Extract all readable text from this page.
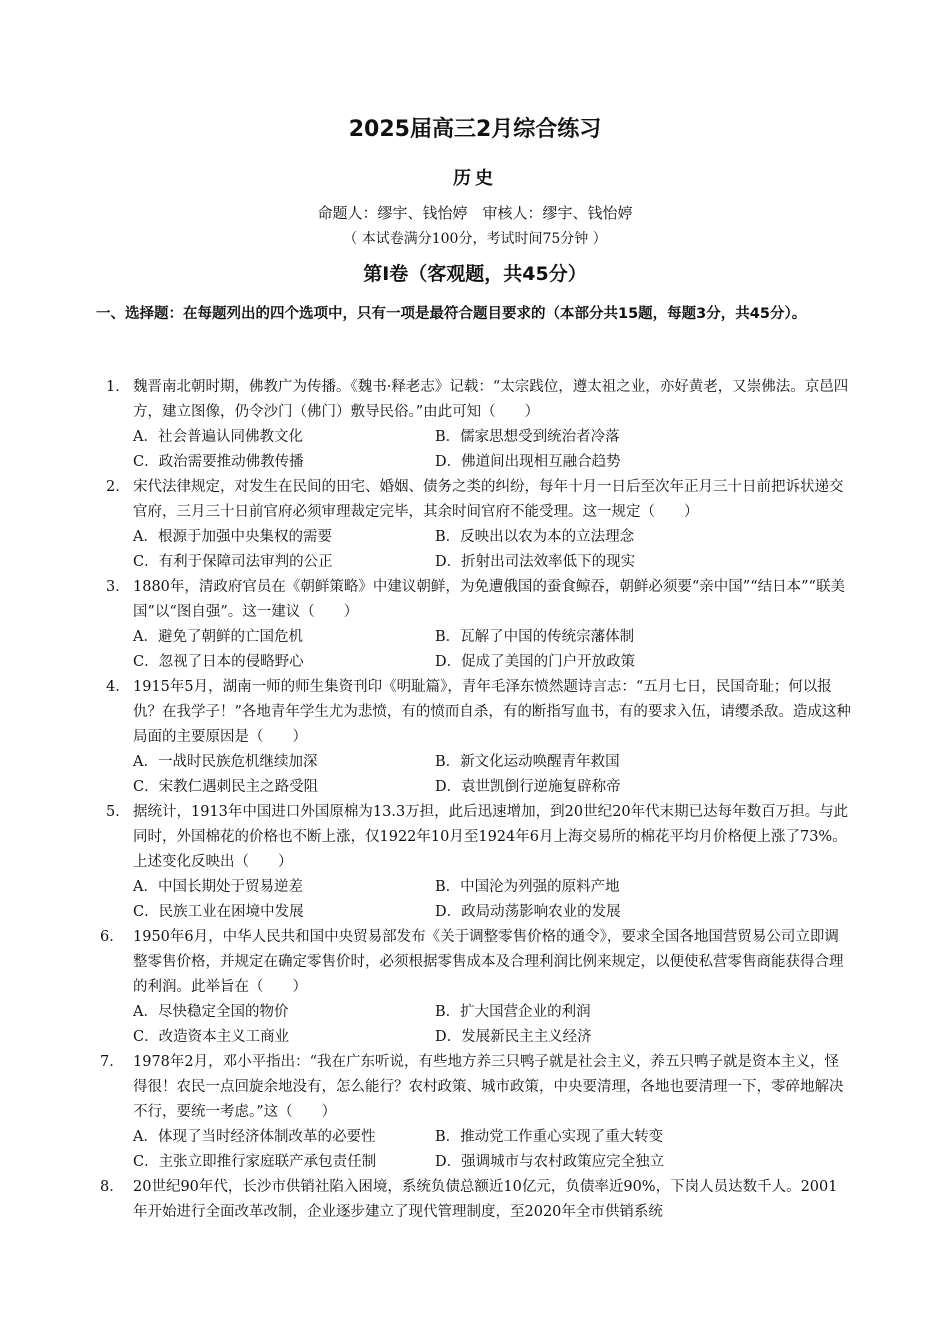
2025届高三2月综合练习
历史
命题人：缪宇、钱怡婷　审核人：缪宇、钱怡婷
（ 本试卷满分100分，考试时间75分钟 ）
第Ⅰ卷（客观题，共45分）
一、选择题：在每题列出的四个选项中，只有一项是最符合题目要求的（本部分共15题，每题3分，共45分）。
1． 魏晋南北朝时期，佛教广为传播。《魏书·释老志》记载：“太宗践位，遵太祖之业，亦好黄老，又崇佛法。京邑四方，建立图像，仍令沙门（佛门）敷导民俗。”由此可知（　　）
A．社会普遍认同佛教文化	B．儒家思想受到统治者冷落
C．政治需要推动佛教传播	D．佛道间出现相互融合趋势
2． 宋代法律规定，对发生在民间的田宅、婚姻、债务之类的纠纷，每年十月一日后至次年正月三十日前把诉状递交官府，三月三十日前官府必须审理裁定完毕，其余时间官府不能受理。这一规定（　　）
A．根源于加强中央集权的需要	B．反映出以农为本的立法理念
C．有利于保障司法审判的公正	D．折射出司法效率低下的现实
3． 1880年，清政府官员在《朝鲜策略》中建议朝鲜，为免遭俄国的蚕食鲸吞，朝鲜必须要“亲中国”“结日本”“联美国”以“图自强”。这一建议（　　）
A．避免了朝鲜的亡国危机	B．瓦解了中国的传统宗藩体制
C．忽视了日本的侵略野心	D．促成了美国的门户开放政策
4． 1915年5月，湖南一师的师生集资刊印《明耻篇》，青年毛泽东愤然题诗言志：“五月七日，民国奇耻；何以报仇？在我学子！”各地青年学生尤为悲愤，有的愤而自杀，有的断指写血书，有的要求入伍，请缨杀敌。造成这种局面的主要原因是（　　）
A．一战时民族危机继续加深	B．新文化运动唤醒青年救国
C．宋教仁遇刺民主之路受阻	D．袁世凯倒行逆施复辟称帝
5． 据统计，1913年中国进口外国原棉为13.3万担，此后迅速增加，到20世纪20年代末期已达每年数百万担。与此同时，外国棉花的价格也不断上涨，仅1922年10月至1924年6月上海交易所的棉花平均月价格便上涨了73%。上述变化反映出（　　）
A．中国长期处于贸易逆差	B．中国沦为列强的原料产地
C．民族工业在困境中发展	D．政局动荡影响农业的发展
6． 1950年6月，中华人民共和国中央贸易部发布《关于调整零售价格的通令》，要求全国各地国营贸易公司立即调整零售价格，并规定在确定零售价时，必须根据零售成本及合理利润比例来规定，以便使私营零售商能获得合理的利润。此举旨在（　　）
A．尽快稳定全国的物价	B．扩大国营企业的利润
C．改造资本主义工商业	D．发展新民主主义经济
7． 1978年2月，邓小平指出：“我在广东听说，有些地方养三只鸭子就是社会主义，养五只鸭子就是资本主义，怪得很！农民一点回旋余地没有，怎么能行？农村政策、城市政策，中央要清理，各地也要清理一下，零碎地解决不行，要统一考虑。”这（　　）
A．体现了当时经济体制改革的必要性	B．推动党工作重心实现了重大转变
C．主张立即推行家庭联产承包责任制	D．强调城市与农村政策应完全独立
8． 20世纪90年代，长沙市供销社陷入困境，系统负债总额近10亿元，负债率近90%，下岗人员达数千人。2001年开始进行全面改革改制，企业逐步建立了现代管理制度，至2020年全市供销系统
